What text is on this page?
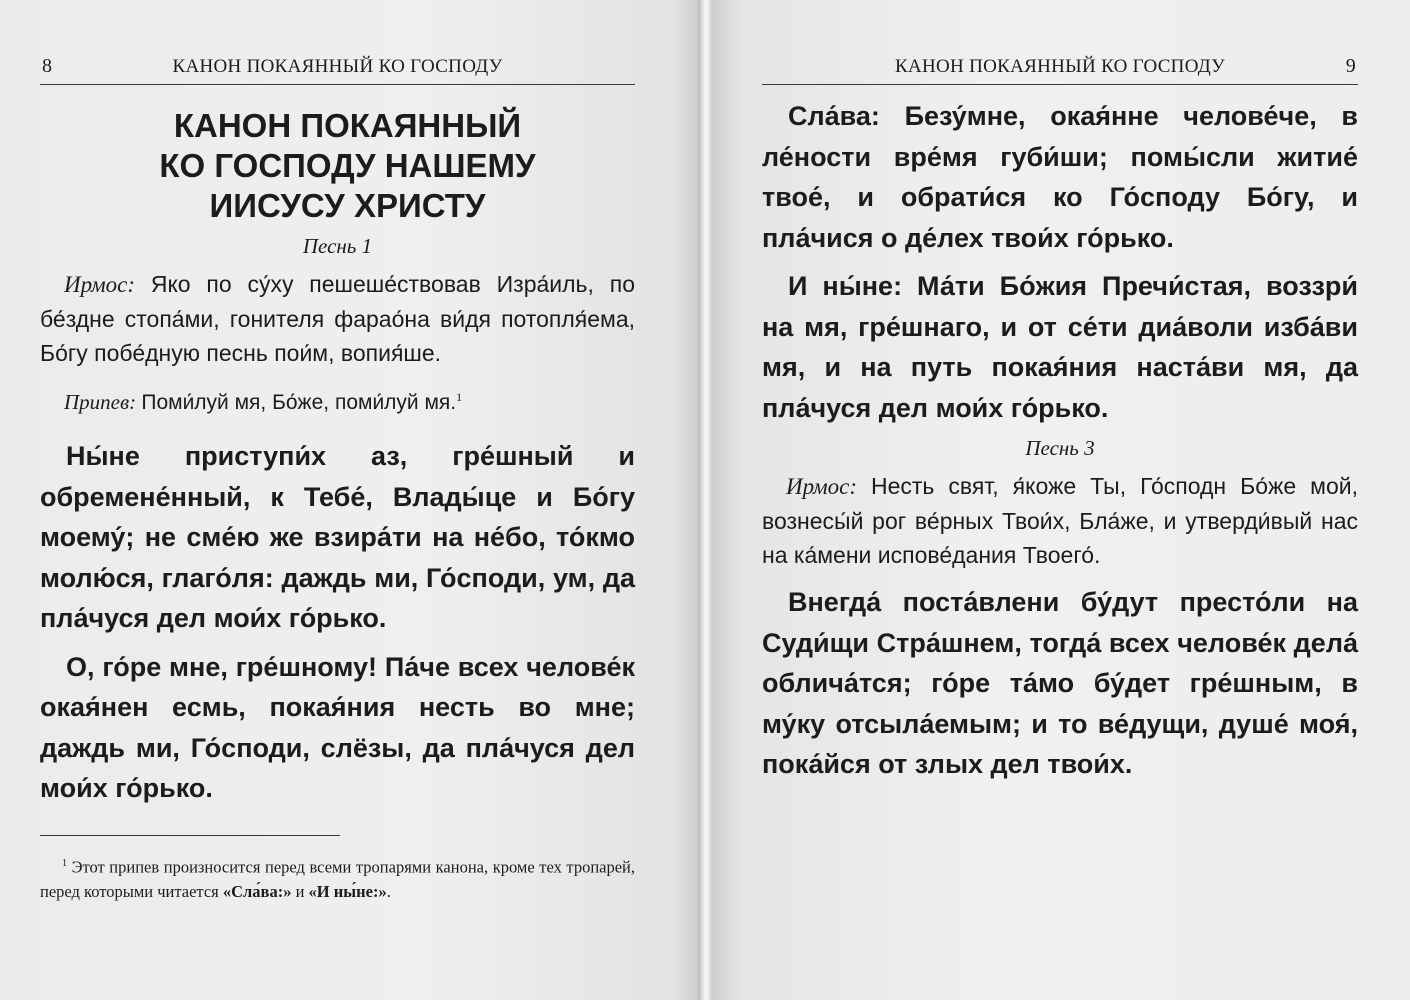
8	КАНОН ПОКАЯННЫЙ КО ГОСПОДУ
КАНОН ПОКАЯННЫЙ
КО ГОСПОДУ НАШЕМУ
ИИСУСУ ХРИСТУ
Песнь 1

Ирмос: Яко по су́ху пешеше́ствовав Изра́иль, по бе́здне стопа́ми, гонителя фарао́на ви́дя потопля́ема, Бо́гу побе́дную песнь пои́м, вопия́ше.

Припев: Поми́луй мя, Бо́же, поми́луй мя.$^1$

Ны́не приступи́х аз, гре́шный и обремене́нный, к Тебе́, Влады́це и Бо́гу моему́; не сме́ю же взира́ти на не́бо, то́кмо молю́ся, глаго́ля: даждь ми, Го́споди, ум, да пла́чуся дел мои́х го́рько.

О, го́ре мне, гре́шному! Па́че всех челове́к окая́нен есмь, покая́ния несть во мне; даждь ми, Го́споди, слёзы, да пла́чуся дел мои́х го́рько.

$^1$ Этот припев произносится перед всеми тропарями канона, кроме тех тропарей, перед которыми читается «Сла́ва:» и «И ны́не:».

КАНОН ПОКАЯННЫЙ КО ГОСПОДУ	9

Сла́ва: Безу́мне, окая́нне челове́че, в ле́ности вре́мя губи́ши; помы́сли житие́ твое́, и обрати́ся ко Го́споду Бо́гу, и пла́чися о де́лех твои́х го́рько.

И ны́не: Ма́ти Бо́жия Пречи́стая, воззри́ на мя, гре́шнаго, и от се́ти диа́воли изба́ви мя, и на путь покая́ния наста́ви мя, да пла́чуся дел мои́х го́рько.

Песнь 3

Ирмос: Несть свят, я́коже Ты, Го́сподн Бо́же мой, вознесы́й рог ве́рных Твои́х, Бла́же, и утверди́вый нас на ка́мени испове́дания Твоего́.

Внегда́ поста́влени бу́дут престо́ли на Суди́щи Стра́шнем, тогда́ всех челове́к дела́ облича́тся; го́ре та́мо бу́дет гре́шным, в му́ку отсыла́емым; и то ве́дущи, душе́ моя́, пока́йся от злых дел твои́х.
